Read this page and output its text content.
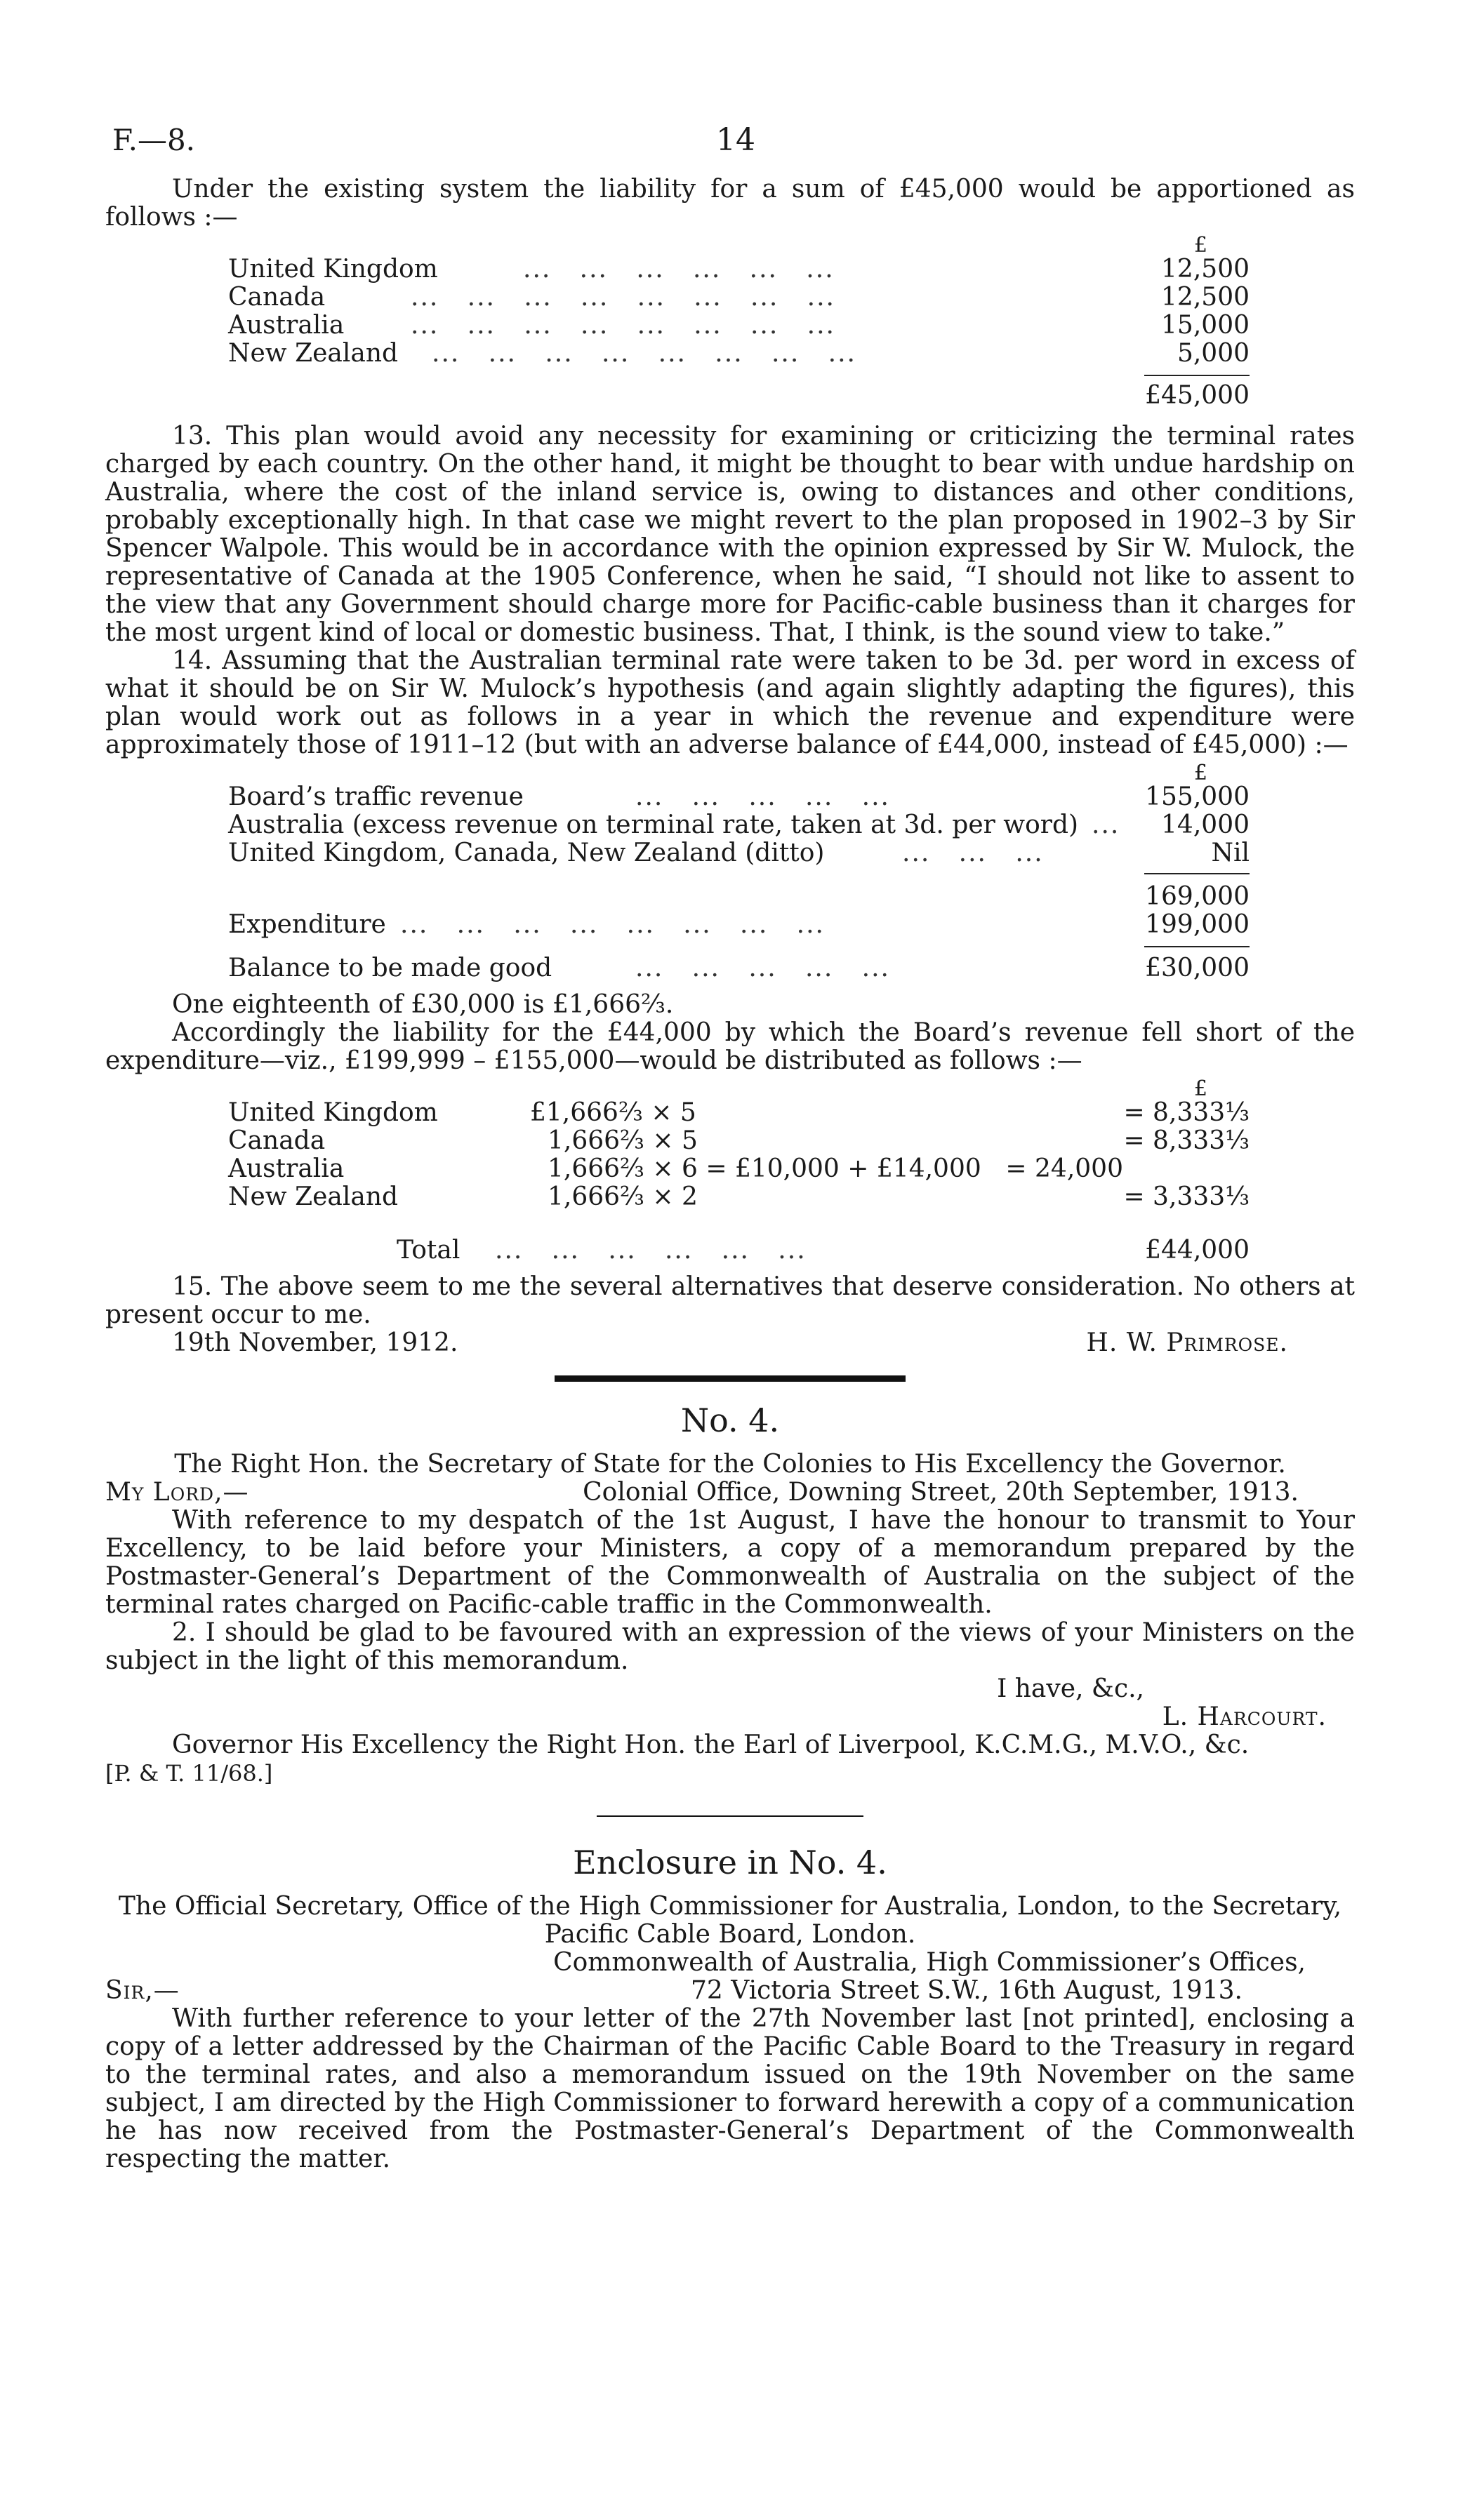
F.—8.	14

Under the existing system the liability for a sum of £45,000 would be apportioned as follows :—

£
United Kingdom	...   ...   ...   ...   ...   ...	12,500
Canada	...   ...   ...   ...   ...   ...   ...   ...	12,500
Australia	...   ...   ...   ...   ...   ...   ...   ...	15,000
New Zealand ...   ...   ...   ...   ...   ...   ...   ...	5,000
£45,000

13. This plan would avoid any necessity for examining or criticizing the terminal rates charged by each country. On the other hand, it might be thought to bear with undue hardship on Australia, where the cost of the inland service is, owing to distances and other conditions, probably exceptionally high. In that case we might revert to the plan proposed in 1902–3 by Sir Spencer Walpole. This would be in accordance with the opinion expressed by Sir W. Mulock, the representative of Canada at the 1905 Conference, when he said, “I should not like to assent to the view that any Government should charge more for Pacific-cable business than it charges for the most urgent kind of local or domestic business. That, I think, is the sound view to take.”

14. Assuming that the Australian terminal rate were taken to be 3d. per word in excess of what it should be on Sir W. Mulock’s hypothesis (and again slightly adapting the figures), this plan would work out as follows in a year in which the revenue and expenditure were approximately those of 1911–12 (but with an adverse balance of £44,000, instead of £45,000) :—

£
Board’s traffic revenue	...   ...   ...   ...   ...	155,000
Australia (excess revenue on terminal rate, taken at 3d. per word) ... 14,000
United Kingdom, Canada, New Zealand (ditto)	...   ...   ...	Nil
169,000
Expenditure ...   ...   ...   ...   ...   ...   ...   ...	199,000
Balance to be made good	...   ...   ...   ...   ...	£30,000

One eighteenth of £30,000 is £1,666⅔.

Accordingly the liability for the £44,000 by which the Board’s revenue fell short of the expenditure—viz., £199,999 – £155,000—would be distributed as follows :—

£
United Kingdom	£1,666⅔ × 5	= 8,333⅓
Canada	1,666⅔ × 5	= 8,333⅓
Australia	1,666⅔ × 6 = £10,000 + £14,000 = 24,000
New Zealand	1,666⅔ × 2	= 3,333⅓
Total ...   ...   ...   ...   ...   ...	£44,000

15. The above seem to me the several alternatives that deserve consideration. No others at present occur to me.

19th November, 1912.	H. W. Primrose.
No. 4.

The Right Hon. the Secretary of State for the Colonies to His Excellency the Governor.

My Lord,—	Colonial Office, Downing Street, 20th September, 1913.

With reference to my despatch of the 1st August, I have the honour to transmit to Your Excellency, to be laid before your Ministers, a copy of a memorandum prepared by the Postmaster-General’s Department of the Commonwealth of Australia on the subject of the terminal rates charged on Pacific-cable traffic in the Commonwealth.

2. I should be glad to be favoured with an expression of the views of your Ministers on the subject in the light of this memorandum.

I have, &c.,
L. Harcourt.

Governor His Excellency the Right Hon. the Earl of Liverpool, K.C.M.G., M.V.O., &c.

[P. & T. 11/68.]

Enclosure in No. 4.

The Official Secretary, Office of the High Commissioner for Australia, London, to the Secretary, Pacific Cable Board, London.

Commonwealth of Australia, High Commissioner’s Offices,
Sir,—	72 Victoria Street S.W., 16th August, 1913.

With further reference to your letter of the 27th November last [not printed], enclosing a copy of a letter addressed by the Chairman of the Pacific Cable Board to the Treasury in regard to the terminal rates, and also a memorandum issued on the 19th November on the same subject, I am directed by the High Commissioner to forward herewith a copy of a communication he has now received from the Postmaster-General’s Department of the Commonwealth respecting the matter.
